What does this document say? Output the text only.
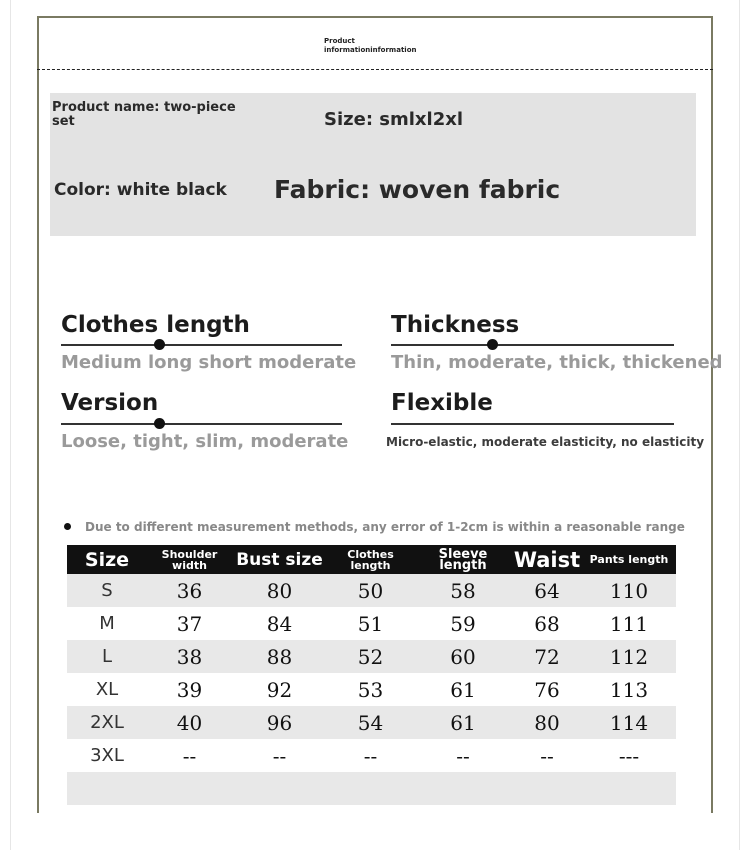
Product informationinformation
Product name: two-piece set	Size: smlxl2xl
Color: white black Fabric: woven fabric
Clothes length
Medium long short moderate
Thickness
Thin, moderate, thick, thickened
Version
Loose, tight, slim, moderate
Flexible
Micro-elastic, moderate elasticity, no elasticity
Due to different measurement methods, any error of 1-2cm is within a reasonable range
Size	Shoulder width	Bust size	Clothes length	Sleeve length	Waist	Pants length
S	36	80	50	58	64	110
M	37	84	51	59	68	111
L	38	88	52	60	72	112
XL	39	92	53	61	76	113
2XL	40	96	54	61	80	114
3XL	--	--	--	--	--	---
